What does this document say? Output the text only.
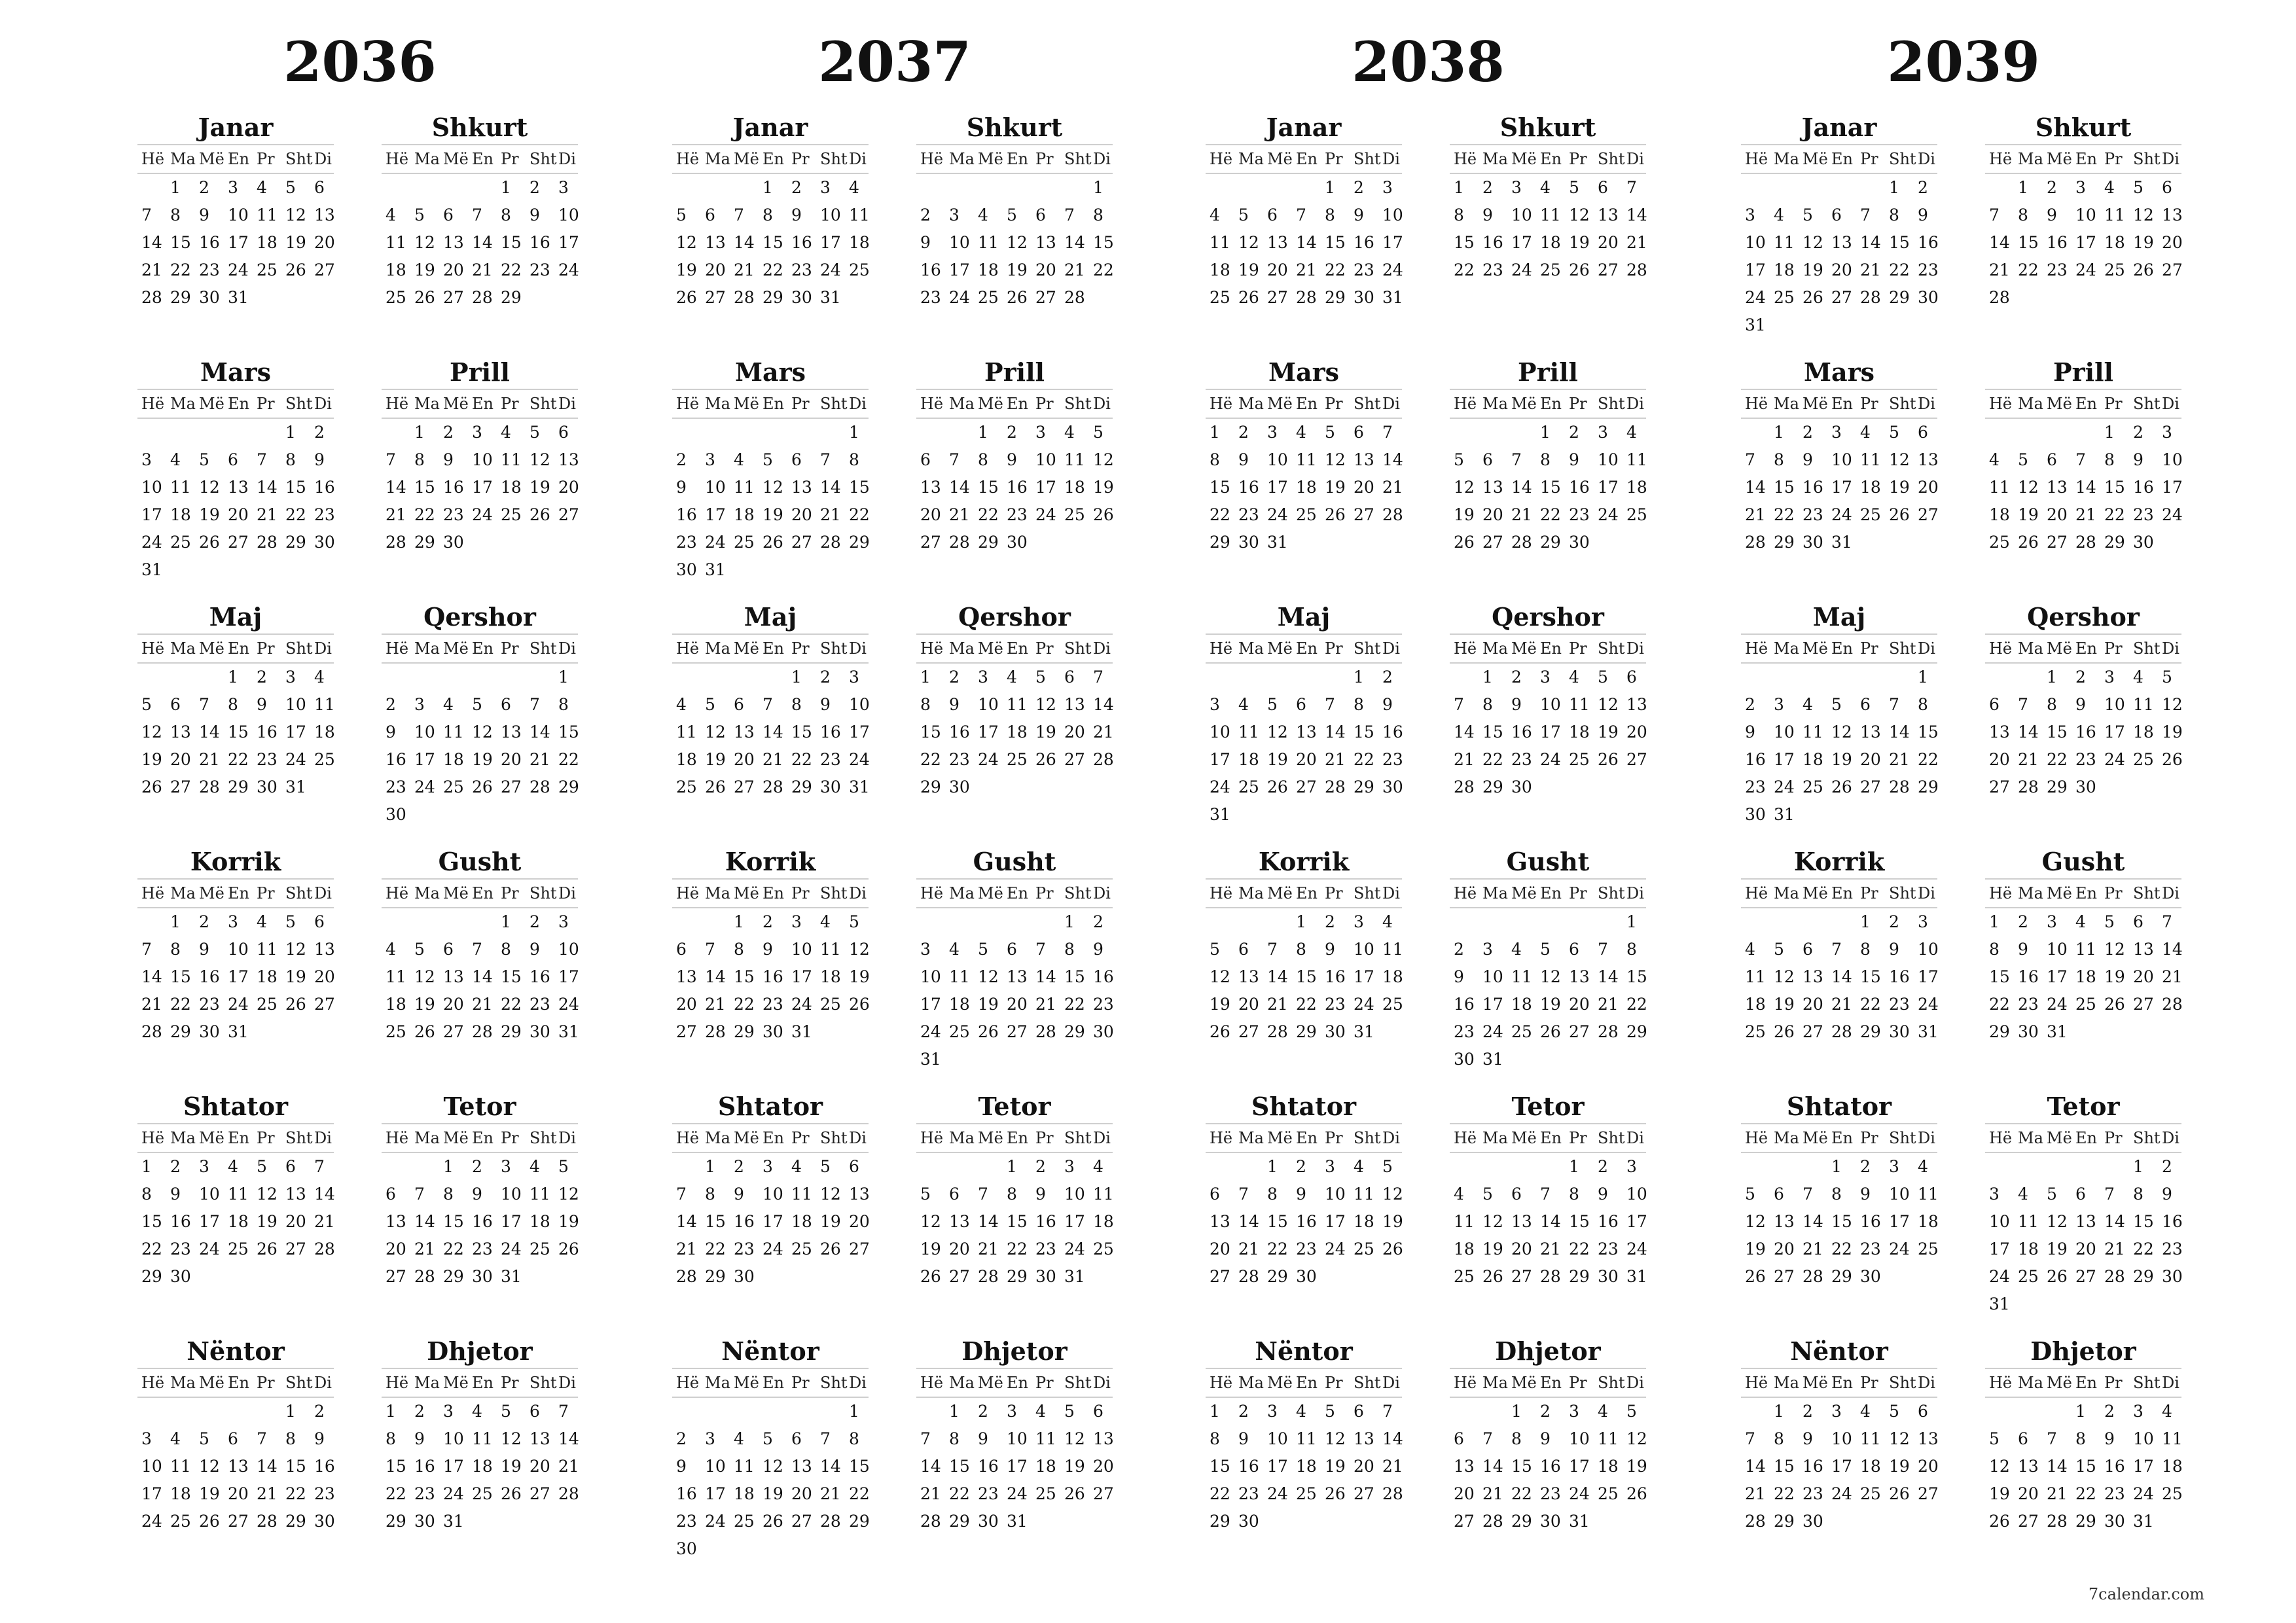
2036
Janar
Hë Ma Më En Pr Sht Di
1 2 3 4 5 6
7 8 9 10 11 12 13
14 15 16 17 18 19 20
21 22 23 24 25 26 27
28 29 30 31
Shkurt
Hë Ma Më En Pr Sht Di
1 2 3
4 5 6 7 8 9 10
11 12 13 14 15 16 17
18 19 20 21 22 23 24
25 26 27 28 29
Mars
Hë Ma Më En Pr Sht Di
1 2
3 4 5 6 7 8 9
10 11 12 13 14 15 16
17 18 19 20 21 22 23
24 25 26 27 28 29 30
31
Prill
Hë Ma Më En Pr Sht Di
1 2 3 4 5 6
7 8 9 10 11 12 13
14 15 16 17 18 19 20
21 22 23 24 25 26 27
28 29 30
Maj
Hë Ma Më En Pr Sht Di
1 2 3 4
5 6 7 8 9 10 11
12 13 14 15 16 17 18
19 20 21 22 23 24 25
26 27 28 29 30 31
Qershor
Hë Ma Më En Pr Sht Di
1
2 3 4 5 6 7 8
9 10 11 12 13 14 15
16 17 18 19 20 21 22
23 24 25 26 27 28 29
30
Korrik
Hë Ma Më En Pr Sht Di
1 2 3 4 5 6
7 8 9 10 11 12 13
14 15 16 17 18 19 20
21 22 23 24 25 26 27
28 29 30 31
Gusht
Hë Ma Më En Pr Sht Di
1 2 3
4 5 6 7 8 9 10
11 12 13 14 15 16 17
18 19 20 21 22 23 24
25 26 27 28 29 30 31
Shtator
Hë Ma Më En Pr Sht Di
1 2 3 4 5 6 7
8 9 10 11 12 13 14
15 16 17 18 19 20 21
22 23 24 25 26 27 28
29 30
Tetor
Hë Ma Më En Pr Sht Di
1 2 3 4 5
6 7 8 9 10 11 12
13 14 15 16 17 18 19
20 21 22 23 24 25 26
27 28 29 30 31
Nëntor
Hë Ma Më En Pr Sht Di
1 2
3 4 5 6 7 8 9
10 11 12 13 14 15 16
17 18 19 20 21 22 23
24 25 26 27 28 29 30
Dhjetor
Hë Ma Më En Pr Sht Di
1 2 3 4 5 6 7
8 9 10 11 12 13 14
15 16 17 18 19 20 21
22 23 24 25 26 27 28
29 30 31
2037
Janar
Hë Ma Më En Pr Sht Di
1 2 3 4
5 6 7 8 9 10 11
12 13 14 15 16 17 18
19 20 21 22 23 24 25
26 27 28 29 30 31
Shkurt
Hë Ma Më En Pr Sht Di
1
2 3 4 5 6 7 8
9 10 11 12 13 14 15
16 17 18 19 20 21 22
23 24 25 26 27 28
Mars
Hë Ma Më En Pr Sht Di
1
2 3 4 5 6 7 8
9 10 11 12 13 14 15
16 17 18 19 20 21 22
23 24 25 26 27 28 29
30 31
Prill
Hë Ma Më En Pr Sht Di
1 2 3 4 5
6 7 8 9 10 11 12
13 14 15 16 17 18 19
20 21 22 23 24 25 26
27 28 29 30
Maj
Hë Ma Më En Pr Sht Di
1 2 3
4 5 6 7 8 9 10
11 12 13 14 15 16 17
18 19 20 21 22 23 24
25 26 27 28 29 30 31
Qershor
Hë Ma Më En Pr Sht Di
1 2 3 4 5 6 7
8 9 10 11 12 13 14
15 16 17 18 19 20 21
22 23 24 25 26 27 28
29 30
Korrik
Hë Ma Më En Pr Sht Di
1 2 3 4 5
6 7 8 9 10 11 12
13 14 15 16 17 18 19
20 21 22 23 24 25 26
27 28 29 30 31
Gusht
Hë Ma Më En Pr Sht Di
1 2
3 4 5 6 7 8 9
10 11 12 13 14 15 16
17 18 19 20 21 22 23
24 25 26 27 28 29 30
31
Shtator
Hë Ma Më En Pr Sht Di
1 2 3 4 5 6
7 8 9 10 11 12 13
14 15 16 17 18 19 20
21 22 23 24 25 26 27
28 29 30
Tetor
Hë Ma Më En Pr Sht Di
1 2 3 4
5 6 7 8 9 10 11
12 13 14 15 16 17 18
19 20 21 22 23 24 25
26 27 28 29 30 31
Nëntor
Hë Ma Më En Pr Sht Di
1
2 3 4 5 6 7 8
9 10 11 12 13 14 15
16 17 18 19 20 21 22
23 24 25 26 27 28 29
30
Dhjetor
Hë Ma Më En Pr Sht Di
1 2 3 4 5 6
7 8 9 10 11 12 13
14 15 16 17 18 19 20
21 22 23 24 25 26 27
28 29 30 31
2038
Janar
Hë Ma Më En Pr Sht Di
1 2 3
4 5 6 7 8 9 10
11 12 13 14 15 16 17
18 19 20 21 22 23 24
25 26 27 28 29 30 31
Shkurt
Hë Ma Më En Pr Sht Di
1 2 3 4 5 6 7
8 9 10 11 12 13 14
15 16 17 18 19 20 21
22 23 24 25 26 27 28
Mars
Hë Ma Më En Pr Sht Di
1 2 3 4 5 6 7
8 9 10 11 12 13 14
15 16 17 18 19 20 21
22 23 24 25 26 27 28
29 30 31
Prill
Hë Ma Më En Pr Sht Di
1 2 3 4
5 6 7 8 9 10 11
12 13 14 15 16 17 18
19 20 21 22 23 24 25
26 27 28 29 30
Maj
Hë Ma Më En Pr Sht Di
1 2
3 4 5 6 7 8 9
10 11 12 13 14 15 16
17 18 19 20 21 22 23
24 25 26 27 28 29 30
31
Qershor
Hë Ma Më En Pr Sht Di
1 2 3 4 5 6
7 8 9 10 11 12 13
14 15 16 17 18 19 20
21 22 23 24 25 26 27
28 29 30
Korrik
Hë Ma Më En Pr Sht Di
1 2 3 4
5 6 7 8 9 10 11
12 13 14 15 16 17 18
19 20 21 22 23 24 25
26 27 28 29 30 31
Gusht
Hë Ma Më En Pr Sht Di
1
2 3 4 5 6 7 8
9 10 11 12 13 14 15
16 17 18 19 20 21 22
23 24 25 26 27 28 29
30 31
Shtator
Hë Ma Më En Pr Sht Di
1 2 3 4 5
6 7 8 9 10 11 12
13 14 15 16 17 18 19
20 21 22 23 24 25 26
27 28 29 30
Tetor
Hë Ma Më En Pr Sht Di
1 2 3
4 5 6 7 8 9 10
11 12 13 14 15 16 17
18 19 20 21 22 23 24
25 26 27 28 29 30 31
Nëntor
Hë Ma Më En Pr Sht Di
1 2 3 4 5 6 7
8 9 10 11 12 13 14
15 16 17 18 19 20 21
22 23 24 25 26 27 28
29 30
Dhjetor
Hë Ma Më En Pr Sht Di
1 2 3 4 5
6 7 8 9 10 11 12
13 14 15 16 17 18 19
20 21 22 23 24 25 26
27 28 29 30 31
2039
Janar
Hë Ma Më En Pr Sht Di
1 2
3 4 5 6 7 8 9
10 11 12 13 14 15 16
17 18 19 20 21 22 23
24 25 26 27 28 29 30
31
Shkurt
Hë Ma Më En Pr Sht Di
1 2 3 4 5 6
7 8 9 10 11 12 13
14 15 16 17 18 19 20
21 22 23 24 25 26 27
28
Mars
Hë Ma Më En Pr Sht Di
1 2 3 4 5 6
7 8 9 10 11 12 13
14 15 16 17 18 19 20
21 22 23 24 25 26 27
28 29 30 31
Prill
Hë Ma Më En Pr Sht Di
1 2 3
4 5 6 7 8 9 10
11 12 13 14 15 16 17
18 19 20 21 22 23 24
25 26 27 28 29 30
Maj
Hë Ma Më En Pr Sht Di
1
2 3 4 5 6 7 8
9 10 11 12 13 14 15
16 17 18 19 20 21 22
23 24 25 26 27 28 29
30 31
Qershor
Hë Ma Më En Pr Sht Di
1 2 3 4 5
6 7 8 9 10 11 12
13 14 15 16 17 18 19
20 21 22 23 24 25 26
27 28 29 30
Korrik
Hë Ma Më En Pr Sht Di
1 2 3
4 5 6 7 8 9 10
11 12 13 14 15 16 17
18 19 20 21 22 23 24
25 26 27 28 29 30 31
Gusht
Hë Ma Më En Pr Sht Di
1 2 3 4 5 6 7
8 9 10 11 12 13 14
15 16 17 18 19 20 21
22 23 24 25 26 27 28
29 30 31
Shtator
Hë Ma Më En Pr Sht Di
1 2 3 4
5 6 7 8 9 10 11
12 13 14 15 16 17 18
19 20 21 22 23 24 25
26 27 28 29 30
Tetor
Hë Ma Më En Pr Sht Di
1 2
3 4 5 6 7 8 9
10 11 12 13 14 15 16
17 18 19 20 21 22 23
24 25 26 27 28 29 30
31
Nëntor
Hë Ma Më En Pr Sht Di
1 2 3 4 5 6
7 8 9 10 11 12 13
14 15 16 17 18 19 20
21 22 23 24 25 26 27
28 29 30
Dhjetor
Hë Ma Më En Pr Sht Di
1 2 3 4
5 6 7 8 9 10 11
12 13 14 15 16 17 18
19 20 21 22 23 24 25
26 27 28 29 30 31
7calendar.com
